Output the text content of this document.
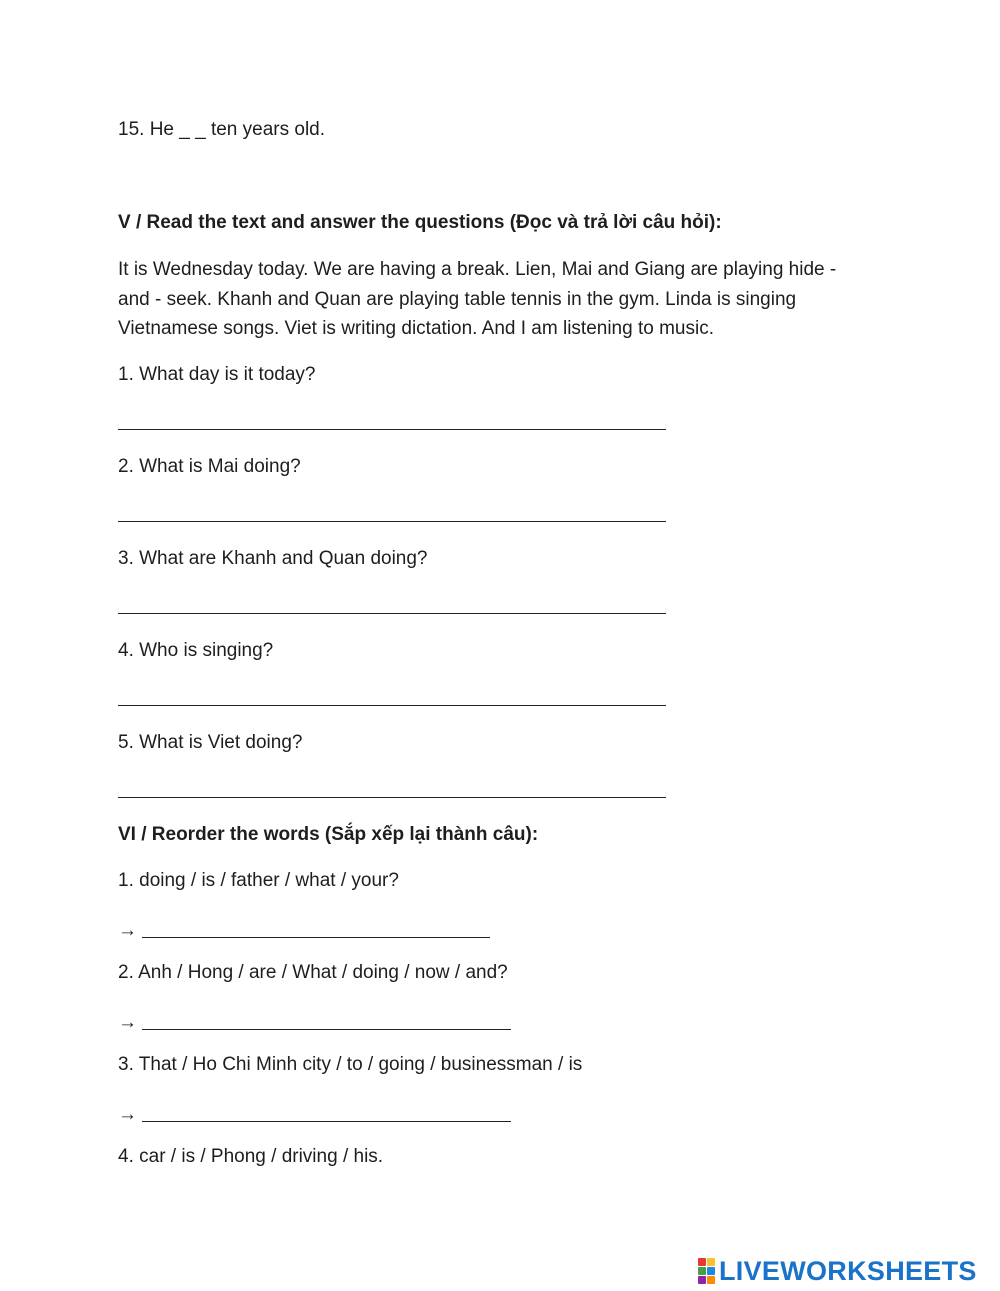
15. He _ _ ten years old.
V / Read the text and answer the questions (Đọc và trả lời câu hỏi):
It is Wednesday today. We are having a break. Lien, Mai and Giang are playing hide -
and - seek. Khanh and Quan are playing table tennis in the gym. Linda is singing
Vietnamese songs. Viet is writing dictation. And I am listening to music.
1. What day is it today?
2. What is Mai doing?
3. What are Khanh and Quan doing?
4. Who is singing?
5. What is Viet doing?
VI / Reorder the words (Sắp xếp lại thành câu):
1. doing / is / father / what / your?
→
2. Anh / Hong / are / What / doing / now / and?
→
3. That / Ho Chi Minh city / to / going / businessman / is
→
4. car / is / Phong / driving / his.
LIVEWORKSHEETS
